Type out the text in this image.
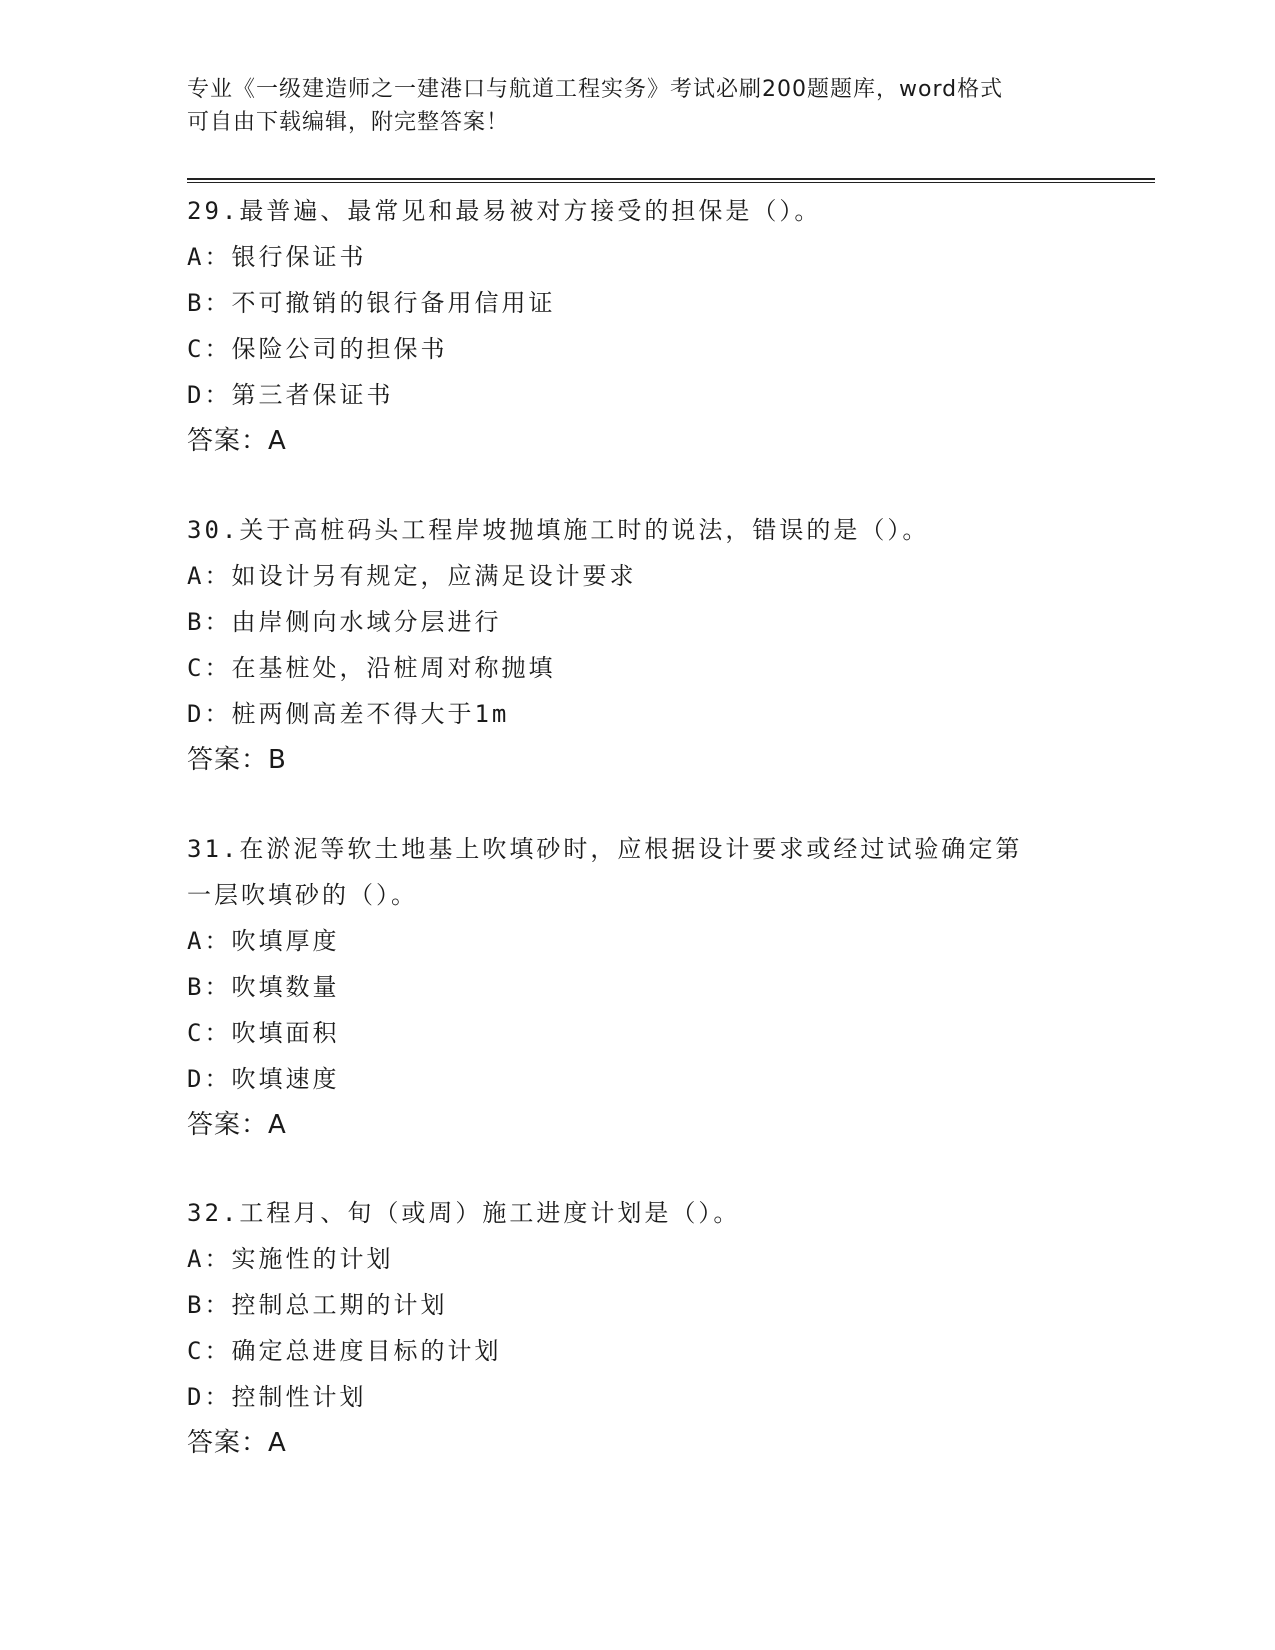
专业《一级建造师之一建港口与航道工程实务》考试必刷200题题库，word格式
可自由下载编辑，附完整答案！
29.最普遍、最常见和最易被对方接受的担保是（）。
A：银行保证书
B：不可撤销的银行备用信用证
C：保险公司的担保书
D：第三者保证书
答案：A
30.关于高桩码头工程岸坡抛填施工时的说法，错误的是（）。
A：如设计另有规定，应满足设计要求
B：由岸侧向水域分层进行
C：在基桩处，沿桩周对称抛填
D：桩两侧高差不得大于1m
答案：B
31.在淤泥等软土地基上吹填砂时，应根据设计要求或经过试验确定第
一层吹填砂的（）。
A：吹填厚度
B：吹填数量
C：吹填面积
D：吹填速度
答案：A
32.工程月、旬（或周）施工进度计划是（）。
A：实施性的计划
B：控制总工期的计划
C：确定总进度目标的计划
D：控制性计划
答案：A
